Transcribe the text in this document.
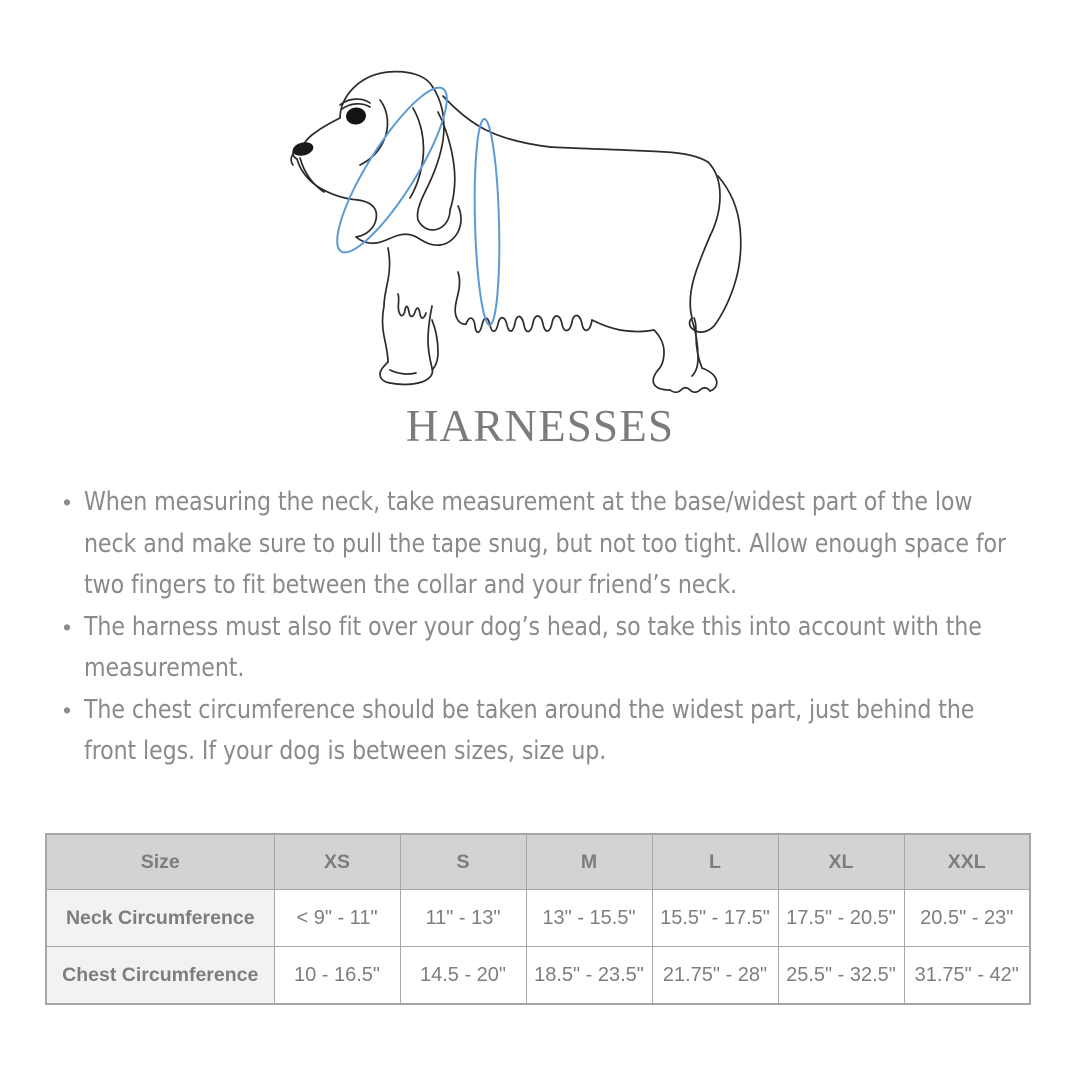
HARNESSES
• When measuring the neck, take measurement at the base/widest part of the low neck and make sure to pull the tape snug, but not too tight. Allow enough space for two fingers to fit between the collar and your friend’s neck.
• The harness must also fit over your dog’s head, so take this into account with the measurement.
• The chest circumference should be taken around the widest part, just behind the front legs. If your dog is between sizes, size up.
Size	XS	S	M	L	XL	XXL
Neck Circumference	< 9" - 11"	11" - 13"	13" - 15.5"	15.5" - 17.5"	17.5" - 20.5"	20.5" - 23"
Chest Circumference	10 - 16.5"	14.5 - 20"	18.5" - 23.5"	21.75" - 28"	25.5" - 32.5"	31.75" - 42"
